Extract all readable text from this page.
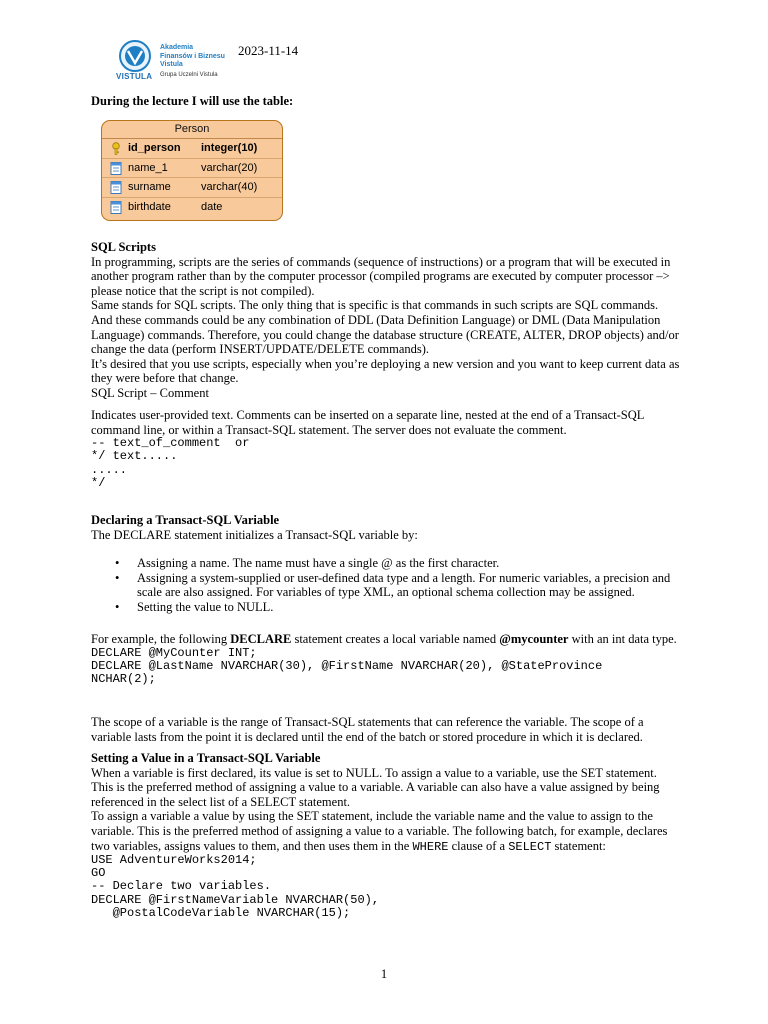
VISTULA
Akademia
Finansów i Biznesu
Vistula
Grupa Uczelni Vistula
2023-11-14
During the lecture I will use the table:
Person
id_person integer(10)
name_1	varchar(20)
surname	varchar(40)
birthdate	date

SQL Scripts

In programming, scripts are the series of commands (sequence of instructions) or a program that will be executed in another program rather than by the computer processor (compiled programs are executed by computer processor –> please notice that the script is not compiled).

Same stands for SQL scripts. The only thing that is specific is that commands in such scripts are SQL commands. And these commands could be any combination of DDL (Data Definition Language) or DML (Data Manipulation Language) commands. Therefore, you could change the database structure (CREATE, ALTER, DROP objects) and/or change the data (perform INSERT/UPDATE/DELETE commands).

It’s desired that you use scripts, especially when you’re deploying a new version and you want to keep current data as they were before that change.

SQL Script – Comment

Indicates user-provided text. Comments can be inserted on a separate line, nested at the end of a Transact-SQL command line, or within a Transact-SQL statement. The server does not evaluate the comment.

-- text_of_comment  or
*/ text.....
.....
*/

Declaring a Transact-SQL Variable

The DECLARE statement initializes a Transact-SQL variable by:

• Assigning a name. The name must have a single @ as the first character.
• Assigning a system-supplied or user-defined data type and a length. For numeric variables, a precision and scale are also assigned. For variables of type XML, an optional schema collection may be assigned.
• Setting the value to NULL.

For example, the following DECLARE statement creates a local variable named @mycounter with an int data type.

DECLARE @MyCounter INT;
DECLARE @LastName NVARCHAR(30), @FirstName NVARCHAR(20), @StateProvince
NCHAR(2);

The scope of a variable is the range of Transact-SQL statements that can reference the variable. The scope of a variable lasts from the point it is declared until the end of the batch or stored procedure in which it is declared.

Setting a Value in a Transact-SQL Variable

When a variable is first declared, its value is set to NULL. To assign a value to a variable, use the SET statement. This is the preferred method of assigning a value to a variable. A variable can also have a value assigned by being referenced in the select list of a SELECT statement.

To assign a variable a value by using the SET statement, include the variable name and the value to assign to the variable. This is the preferred method of assigning a value to a variable. The following batch, for example, declares two variables, assigns values to them, and then uses them in the WHERE clause of a SELECT statement:

USE AdventureWorks2014;
GO
-- Declare two variables.
DECLARE @FirstNameVariable NVARCHAR(50),
@PostalCodeVariable NVARCHAR(15);
1
